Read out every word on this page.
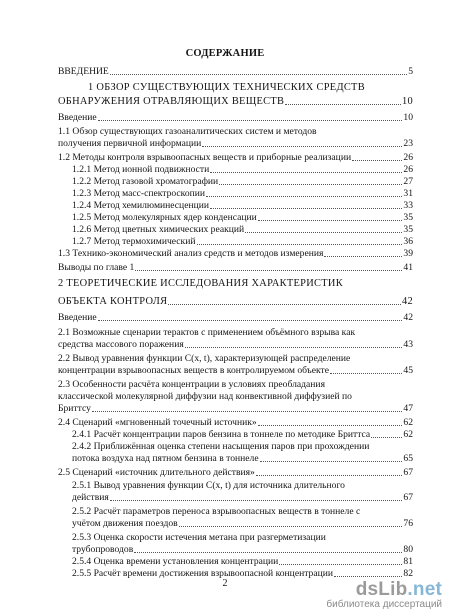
СОДЕРЖАНИЕ
ВВЕДЕНИЕ	5
1 ОБЗОР СУЩЕСТВУЮЩИХ ТЕХНИЧЕСКИХ СРЕДСТВ
ОБНАРУЖЕНИЯ ОТРАВЛЯЮЩИХ ВЕЩЕСТВ	10
Введение	10
1.1 Обзор существующих газоаналитических систем и методов
получения первичной информации	23
1.2 Методы контроля взрывоопасных веществ и приборные реализации	26
1.2.1 Метод ионной подвижности	26
1.2.2 Метод газовой хроматографии	27
1.2.3 Метод масс-спектроскопии	31
1.2.4 Метод хемилюминесценции	33
1.2.5 Метод молекулярных ядер конденсации	35
1.2.6 Метод цветных химических реакций	35
1.2.7 Метод термохимический	36
1.3 Технико-экономический анализ средств и методов измерения	39
Выводы по главе 1	41
2 ТЕОРЕТИЧЕСКИЕ ИССЛЕДОВАНИЯ ХАРАКТЕРИСТИК
ОБЪЕКТА КОНТРОЛЯ	42
Введение	42
2.1 Возможные сценарии терактов с применением объёмного взрыва как
средства массового поражения	43
2.2 Вывод уравнения функции C(x, t), характеризующей распределение
концентрации взрывоопасных веществ в контролируемом объекте	45
2.3 Особенности расчёта концентрации в условиях преобладания
классической молекулярной диффузии над конвективной диффузией по
Бриттсу	47
2.4 Сценарий «мгновенный точечный источник»	62
2.4.1 Расчёт концентрации паров бензина в тоннеле по методике Бриттса	62
2.4.2 Приближённая оценка степени насыщения паров при прохождении
потока воздуха над пятном бензина в тоннеле	65
2.5 Сценарий «источник длительного действия»	67
2.5.1 Вывод уравнения функции C(x, t) для источника длительного
действия	67
2.5.2 Расчёт параметров переноса взрывоопасных веществ в тоннеле с
учётом движения поездов	76
2.5.3 Оценка скорости истечения метана при разгерметизации
трубопроводов	80
2.5.4 Оценка времени установления концентрации	81
2.5.5 Расчёт времени достижения взрывоопасной концентрации	82
2	dsLib.net
библиотека диссертаций
